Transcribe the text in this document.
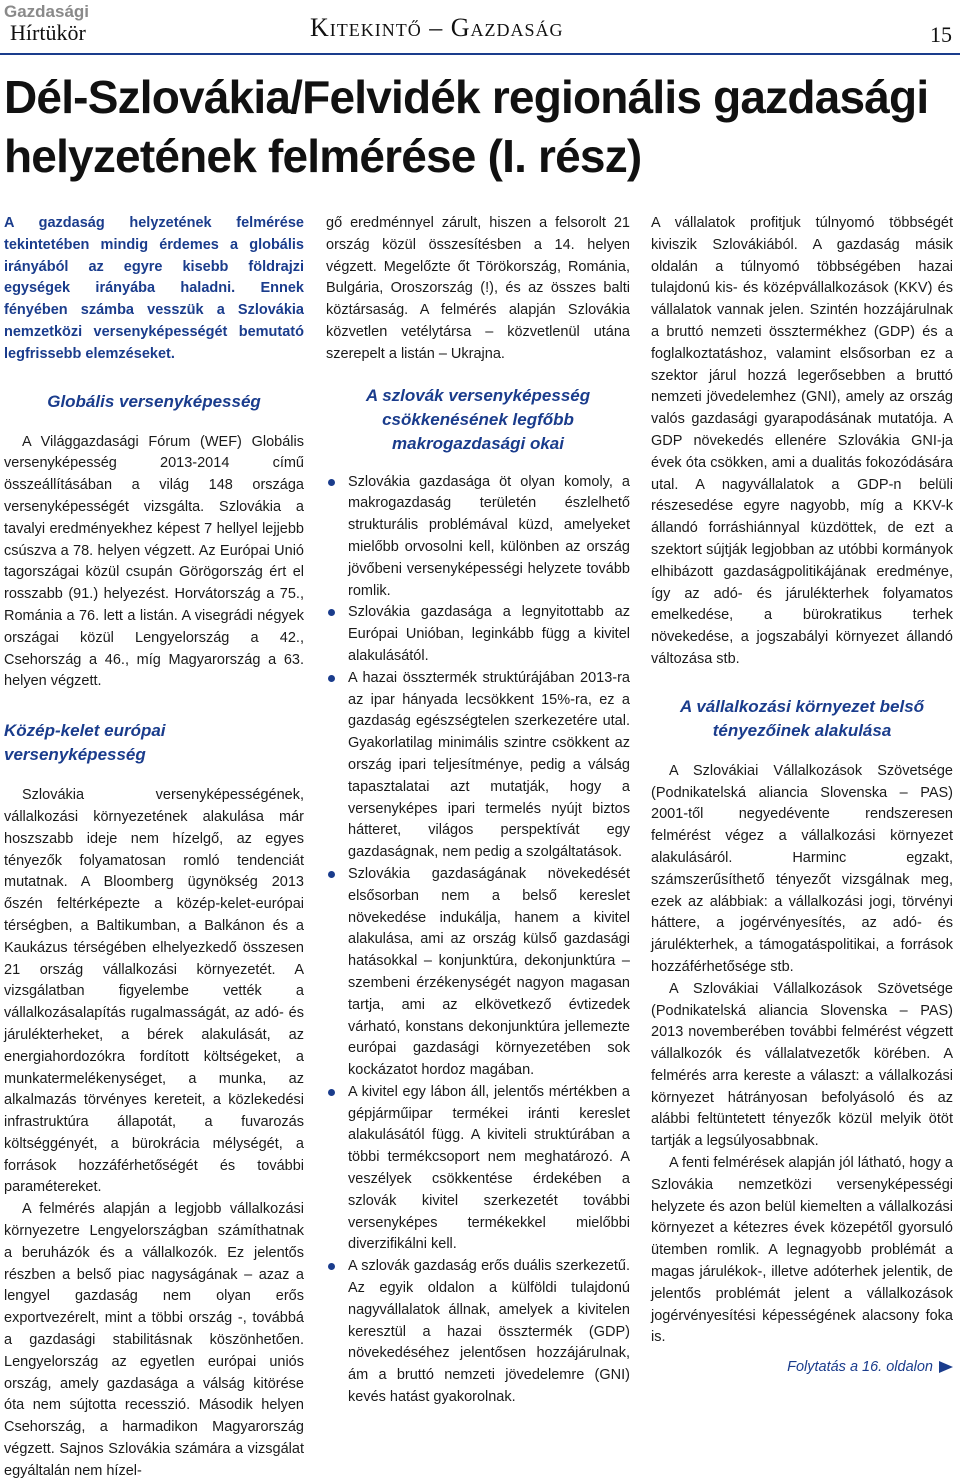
Gazdasági
Hírtükör	Kitekintő – Gazdaság	15
Dél-Szlovákia/Felvidék regionális gazdasági helyzetének felmérése (I. rész)

A gazdaság helyzetének felmérése tekintetében mindig érdemes a globális irányából az egyre kisebb földrajzi egységek irányába haladni. Ennek fényében számba vesszük a Szlovákia nemzetközi versenyképességét bemutató legfrissebb elemzéseket.

Globális versenyképesség

A Világgazdasági Fórum (WEF) Globális versenyképesség 2013-2014 című összeállításában a világ 148 országa versenyképességét vizsgálta. Szlovákia a tavalyi eredményekhez képest 7 hellyel lejjebb csúszva a 78. helyen végzett. Az Európai Unió tagországai közül csupán Görögország ért el rosszabb (91.) helyezést. Horvátország a 75., Románia a 76. lett a listán. A visegrádi négyek országai közül Lengyelország a 42., Csehország a 46., míg Magyarország a 63. helyen végzett.

Közép-kelet európai versenyképesség

Szlovákia versenyképességének, vállalkozási környezetének alakulása már hoszszabb ideje nem hízelgő, az egyes tényezők folyamatosan romló tendenciát mutatnak. A Bloomberg ügynökség 2013 őszén feltérképezte a közép-kelet-európai térségben, a Baltikumban, a Balkánon és a Kaukázus térségében elhelyezkedő összesen 21 ország vállalkozási környezetét. A vizsgálatban figyelembe vették a vállalkozásalapítás rugalmasságát, az adó- és járulékterheket, a bérek alakulását, az energiahordozókra fordított költségeket, a munkatermelékenységet, a munka, az alkalmazás törvényes kereteit, a közlekedési infrastruktúra állapotát, a fuvarozás költséggényét, a bürokrácia mélységét, a források hozzáférhetőségét és további paramétereket.

A felmérés alapján a legjobb vállalkozási környezetre Lengyelországban számíthatnak a beruházók és a vállalkozók. Ez jelentős részben a belső piac nagyságának – azaz a lengyel gazdaság nem olyan erős exportvezérelt, mint a többi ország -, továbbá a gazdasági stabilitásnak köszönhetően. Lengyelország az egyetlen európai uniós ország, amely gazdasága a válság kitörése óta nem sújtotta recesszió. Második helyen Csehország, a harmadikon Magyarország végzett. Sajnos Szlovákia számára a vizsgálat egyáltalán nem hízel-

gő eredménnyel zárult, hiszen a felsorolt 21 ország közül összesítésben a 14. helyen végzett. Megelőzte őt Törökország, Románia, Bulgária, Oroszország (!), és az összes balti köztársaság. A felmérés alapján Szlovákia közvetlen vetélytársa – közvetlenül utána szerepelt a listán – Ukrajna.

A szlovák versenyképesség csökkenésének legfőbb makrogazdasági okai
Szlovákia gazdasága öt olyan komoly, a makrogazdaság területén észlelhető strukturális problémával küzd, amelyeket mielőbb orvosolni kell, különben az ország jövőbeni versenyképességi helyzete tovább romlik.
Szlovákia gazdasága a legnyitottabb az Európai Unióban, leginkább függ a kivitel alakulásától.
A hazai össztermék struktúrájában 2013-ra az ipar hányada lecsökkent 15%-ra, ez a gazdaság egészségtelen szerkezetére utal. Gyakorlatilag minimális szintre csökkent az ország ipari teljesítménye, pedig a válság tapasztalatai azt mutatják, hogy a versenyképes ipari termelés nyújt biztos hátteret, világos perspektívát egy gazdaságnak, nem pedig a szolgáltatások.
Szlovákia gazdaságának növekedését elsősorban nem a belső kereslet növekedése indukálja, hanem a kivitel alakulása, ami az ország külső gazdasági hatásokkal – konjunktúra, dekonjunktúra – szembeni érzékenységét nagyon magasan tartja, ami az elkövetkező évtizedek várható, konstans dekonjunktúra jellemezte európai gazdasági környezetében sok kockázatot hordoz magában.
A kivitel egy lábon áll, jelentős mértékben a gépjárműipar termékei iránti kereslet alakulásától függ. A kiviteli struktúrában a többi termékcsoport nem meghatározó. A veszélyek csökkentése érdekében a szlovák kivitel szerkezetét további versenyképes termékekkel mielőbbi diverzifikálni kell.
A szlovák gazdaság erős duális szerkezetű. Az egyik oldalon a külföldi tulajdonú nagyvállalatok állnak, amelyek a kivitelen keresztül a hazai össztermék (GDP) növekedéséhez jelentősen hozzájárulnak, ám a bruttó nemzeti jövedelemre (GNI) kevés hatást gyakorolnak.

A vállalatok profitjuk túlnyomó többségét kiviszik Szlovákiából. A gazdaság másik oldalán a túlnyomó többségében hazai tulajdonú kis- és középvállalkozások (KKV) és vállalatok vannak jelen. Szintén hozzájárulnak a bruttó nemzeti össztermékhez (GDP) és a foglalkoztatáshoz, valamint elsősorban ez a szektor járul hozzá legerősebben a bruttó nemzeti jövedelemhez (GNI), amely az ország valós gazdasági gyarapodásának mutatója. A GDP növekedés ellenére Szlovákia GNI-ja évek óta csökken, ami a dualitás fokozódására utal. A nagyvállalatok a GDP-n belüli részesedése egyre nagyobb, míg a KKV-k állandó forráshiánnyal küzdöttek, de ezt a szektort sújtják legjobban az utóbbi kormányok elhibázott gazdaságpolitikájának eredménye, így az adó- és járulékterhek folyamatos emelkedése, a bürokratikus terhek növekedése, a jogszabályi környezet állandó változása stb.

A vállalkozási környezet belső tényezőinek alakulása

A Szlovákiai Vállalkozások Szövetsége (Podnikatelská aliancia Slovenska – PAS) 2001-től negyedévente rendszeresen felmérést végez a vállalkozási környezet alakulásáról. Harminc egzakt, számszerűsíthető tényezőt vizsgálnak meg, ezek az alábbiak: a vállalkozási jogi, törvényi háttere, a jogérvényesítés, az adó- és járulékterhek, a támogatáspolitikai, a források hozzáférhetősége stb.

A Szlovákiai Vállalkozások Szövetsége (Podnikatelská aliancia Slovenska – PAS) 2013 novemberében további felmérést végzett vállalkozók és vállalatvezetők körében. A felmérés arra kereste a választ: a vállalkozási környezet hátrányosan befolyásoló és az alábbi feltüntetett tényezők közül melyik ötöt tartják a legsúlyosabbnak.

A fenti felmérések alapján jól látható, hogy a Szlovákia nemzetközi versenyképességi helyzete és azon belül kiemelten a vállalkozási környezet a kétezres évek közepétől gyorsuló ütemben romlik. A legnagyobb problémát a magas járulékok-, illetve adóterhek jelentik, de jelentős problémát jelent a vállalkozások jogérvényesítési képességének alacsony foka is.

Folytatás a 16. oldalon
